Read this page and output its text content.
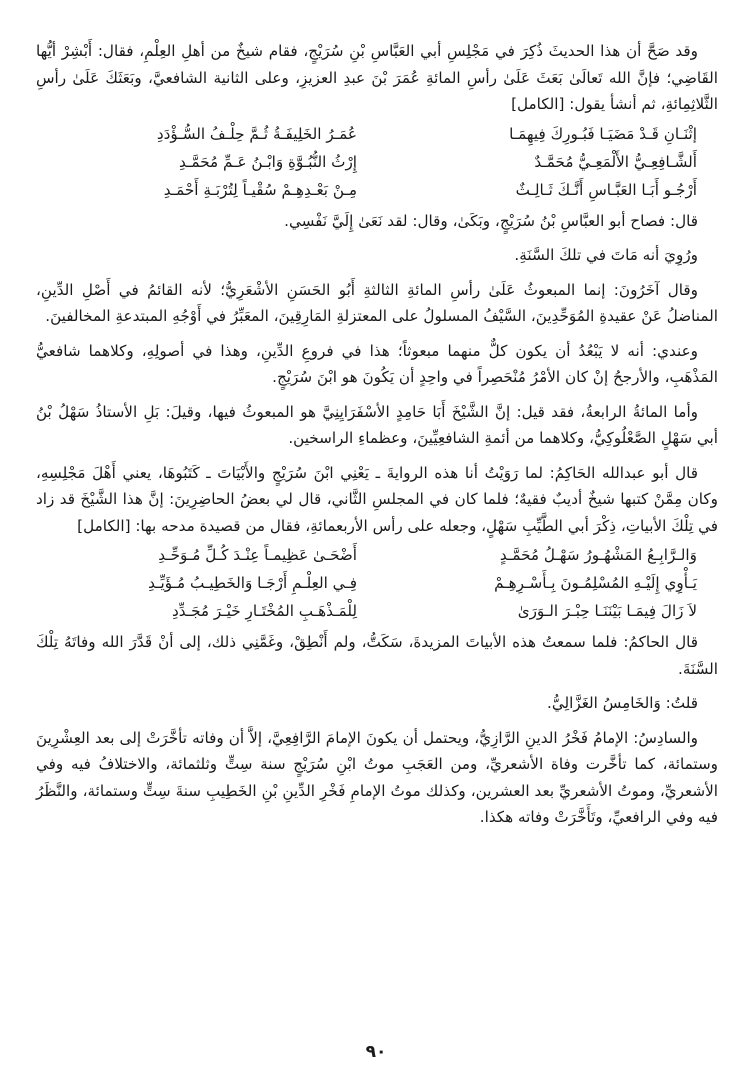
وقد صَحَّ أن هذا الحديثَ ذُكِرَ في مَجْلِسِ أبي العَبَّاسِ بْنِ سُرَيْجٍ، فقام شيخٌ من أهلِ العِلْمِ، فقال: أَبْشِرْ أيُّها القَاضِي؛ فإنَّ الله تَعالَىٰ بَعَثَ عَلَىٰ رأسِ المائةِ عُمَرَ بْنَ عبدِ العزيزِ، وعلى الثانية الشافعيَّ، وبَعَثَكَ عَلَىٰ رأسِ الثَّلاثِمِائةِ، ثم أنشأ يقول: [الكامل]

إثْنَـانِ قَـدْ مَضَيَـا فَبُـورِكَ فِيهِمَـا
عُمَـرُ الخَلِيفَـةُ ثُـمَّ حِلْـفُ السُّـؤْدَدِ
أَلشَّـافِعِـيُّ الأَلْمَعِـيُّ مُحَمَّـدٌ
إِرْثُ النُّبُـوَّةِ وَابْـنُ عَـمِّ مُحَمَّـدِ
أَرْجُـو أَبَـا العَبَّـاسِ أَنَّـكَ ثَـالِـثٌ
مِـنْ بَعْـدِهِـمْ سُقْيـاً لِتُرْبَـةِ أَحْمَـدِ

قال: فصاح أبو العبَّاسِ بْنُ سُرَيْجٍ، وبَكَىٰ، وقال: لقد نَعَىٰ إِلَيَّ نَفْسِي.

ورُوِيَ أنه مَاتَ في تلكَ السَّنَةِ.

وقال آخَرُونَ: إنما المبعوثُ عَلَىٰ رأسِ المائةِ الثالثةِ أَبُو الحَسَنِ الأشْعَرِيُّ؛ لأنه القائمُ في أَصْلِ الدِّينِ، المناضلُ عَنْ عقيدةِ المُوَحِّدِينَ، السَّيْفُ المسلولُ على المعتزلةِ المَارِقِينَ، المعَبِّرُ في أَوْجُهِ المبتدعةِ المخالفينَ.

وعندي: أنه لا يَبْعُدُ أن يكون كلٌّ منهما مبعوثاً؛ هذا في فروعِ الدِّينِ، وهذا في أصولِهِ، وكلاهما شافعيُّ المَذْهَبِ، والأرجحُ إنْ كان الأمْرُ مُنْحَصِراً في واحِدٍ أن يَكُونَ هو ابْنَ سُرَيْجٍ.

وأما المائةُ الرابعةُ، فقد قيل: إنَّ الشَّيْخَ أَبَا حَامِدٍ الأسْفَرَايِنِيَّ هو المبعوثُ فيها، وقيلَ: بَلِ الأستاذُ سَهْلُ بْنُ أبي سَهْلٍ الصَّعْلُوكِيُّ، وكلاهما من أئمةِ الشافعِيِّينَ، وعظماءِ الراسخين.

قال أبو عبدالله الحَاكِمُ: لما رَوَيْتُ أنا هذه الروايةَ ـ يَعْنِي ابْنَ سُرَيْجٍ والأَبْيَاتَ ـ كَتَبُوهَا، يعني أَهْلَ مَجْلِسِهِ، وكان مِمَّنْ كتبها شيخٌ أديبٌ فقيهٌ؛ فلما كان في المجلسِ الثَّاني، قال لي بعضُ الحاضِرِينَ: إنَّ هذا الشَّيْخَ قد زاد في تِلْكَ الأبياتِ، ذِكْرَ أبي الطَّيِّبِ سَهْلٍ، وجعله على رأس الأربعمائةِ، فقال من قصيدة مدحه بها: [الكامل]

وَالـرَّابِـعُ المَشْهُـورُ سَهْـلُ مُحَمَّـدٍ
أَضْحَـىٰ عَظِيمـاً عِنْـدَ كُـلِّ مُـوَحِّـدِ
يَـأْوِي إِلَيْـهِ المُسْلِمُـونَ بِـأَسْـرِهِـمْ
فِـي العِلْـمِ أَرْجَـا وَالخَطِيـبُ مُـؤَيِّـدِ
لاَ زَالَ فِيمَـا بَيْنَنَـا حِبْـرَ الـوَرَىٰ
لِلْمَـذْهَـبِ المُخْتَـارِ خَيْـرَ مُجَـدِّدِ

قال الحاكمُ: فلما سمعتُ هذه الأبياتَ المزيدةَ، سَكَتُّ، ولم أَنْطِقْ، وغَمَّنِي ذلك، إلى أنْ قَدَّرَ الله وفاتَهُ تِلْكَ السَّنَةَ.

قلتُ: وَالخَامِسُ الغَزَّالِيُّ.

والسادِسُ: الإمامُ فَخْرُ الدينِ الرَّازِيُّ، ويحتمل أن يكونَ الإمامَ الرَّافِعِيَّ، إلاَّ أن وفاته تأخَّرَتْ إلى بعد العِشْرِينَ وستمائة، كما تأخَّرت وفاة الأشعريِّ، ومن العَجَبِ موتُ ابْنِ سُرَيْجٍ سنة سِتٍّ وثلثمائة، والاختلافُ فيه وفي الأشعريِّ، وموتُ الأشعريِّ بعد العشرين، وكذلك موتُ الإمامِ فَخْرِ الدِّينِ بْنِ الخَطِيبِ سنةَ سِتٍّ وستمائة، والنَّظَرُ فيه وفي الرافعيِّ، وتَأَخَّرَتْ وفاته هكذا.

٩٠
